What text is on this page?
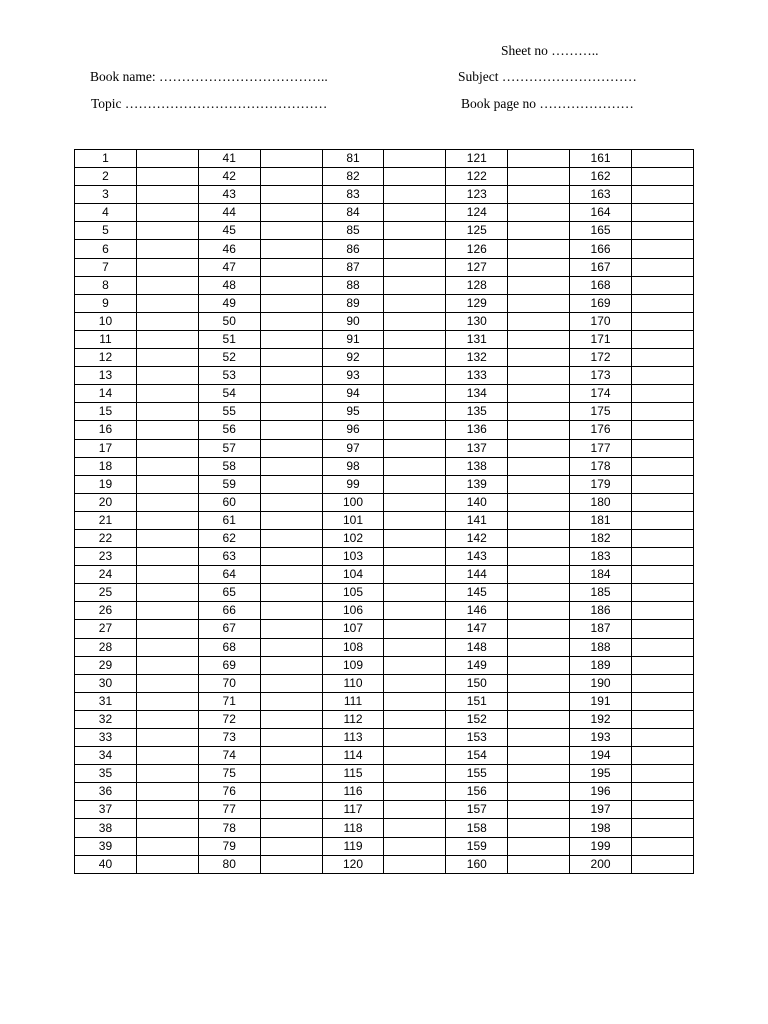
Sheet no ………..
Book name: ………………………………..	Subject …………………………
Topic ………………………………………	Book page no …………………
1		41		81		121		161	
2		42		82		122		162	
3		43		83		123		163	
4		44		84		124		164	
5		45		85		125		165	
6		46		86		126		166	
7		47		87		127		167	
8		48		88		128		168	
9		49		89		129		169	
10		50		90		130		170	
11		51		91		131		171	
12		52		92		132		172	
13		53		93		133		173	
14		54		94		134		174	
15		55		95		135		175	
16		56		96		136		176	
17		57		97		137		177	
18		58		98		138		178	
19		59		99		139		179	
20		60		100		140		180	
21		61		101		141		181	
22		62		102		142		182	
23		63		103		143		183	
24		64		104		144		184	
25		65		105		145		185	
26		66		106		146		186	
27		67		107		147		187	
28		68		108		148		188	
29		69		109		149		189	
30		70		110		150		190	
31		71		111		151		191	
32		72		112		152		192	
33		73		113		153		193	
34		74		114		154		194	
35		75		115		155		195	
36		76		116		156		196	
37		77		117		157		197	
38		78		118		158		198	
39		79		119		159		199	
40		80		120		160		200	
